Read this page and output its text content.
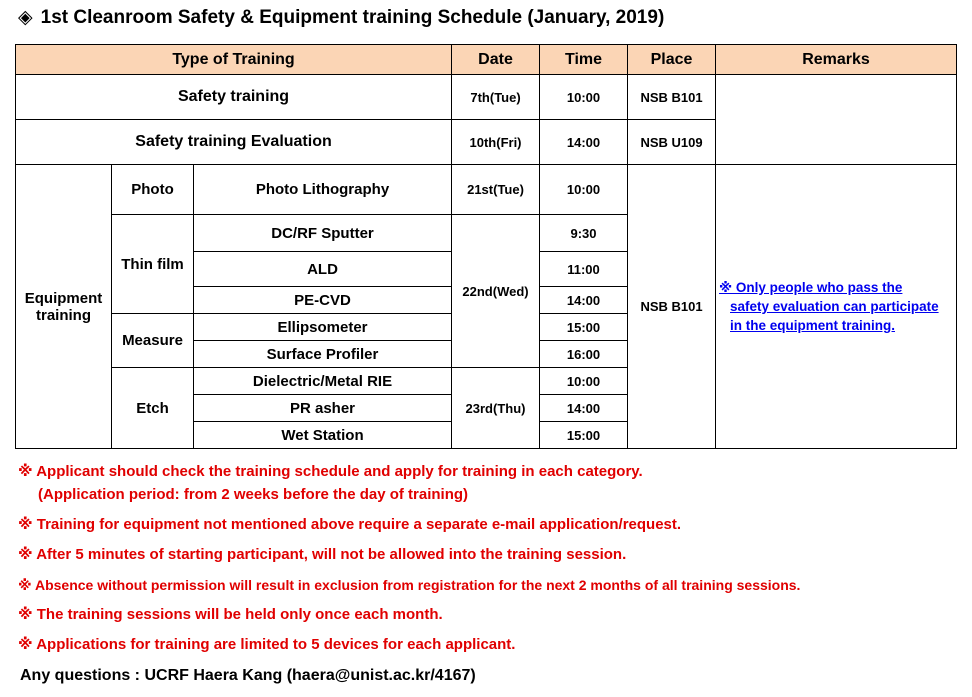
◈ 1st Cleanroom Safety & Equipment training Schedule (January, 2019)
Type of Training			Date	Time	Place	Remarks
Safety training			7th(Tue)	10:00	NSB B101	
Safety training Evaluation			10th(Fri)	14:00	NSB U109	
Equipment
training	Photo	Photo Lithography	21st(Tue)	10:00	NSB B101	※ Only people who pass the

safety evaluation can participate
in the equipment training.

	Thin film	DC/RF Sputter	22nd(Wed)	9:30		
		ALD		11:00		
		PE-CVD		14:00		
	Measure	Ellipsometer		15:00		
		Surface Profiler		16:00		
	Etch	Dielectric/Metal RIE	23rd(Thu)	10:00		
		PR asher		14:00		
		Wet Station		15:00		
※ Applicant should check the training schedule and apply for training in each category.
(Application period: from 2 weeks before the day of training)
※ Training for equipment not mentioned above require a separate e-mail application/request.
※ After 5 minutes of starting participant, will not be allowed into the training session.
※ Absence without permission will result in exclusion from registration for the next 2 months of all training sessions.
※ The training sessions will be held only once each month.
※ Applications for training are limited to 5 devices for each applicant.
Any questions : UCRF Haera Kang (haera@unist.ac.kr/4167)
